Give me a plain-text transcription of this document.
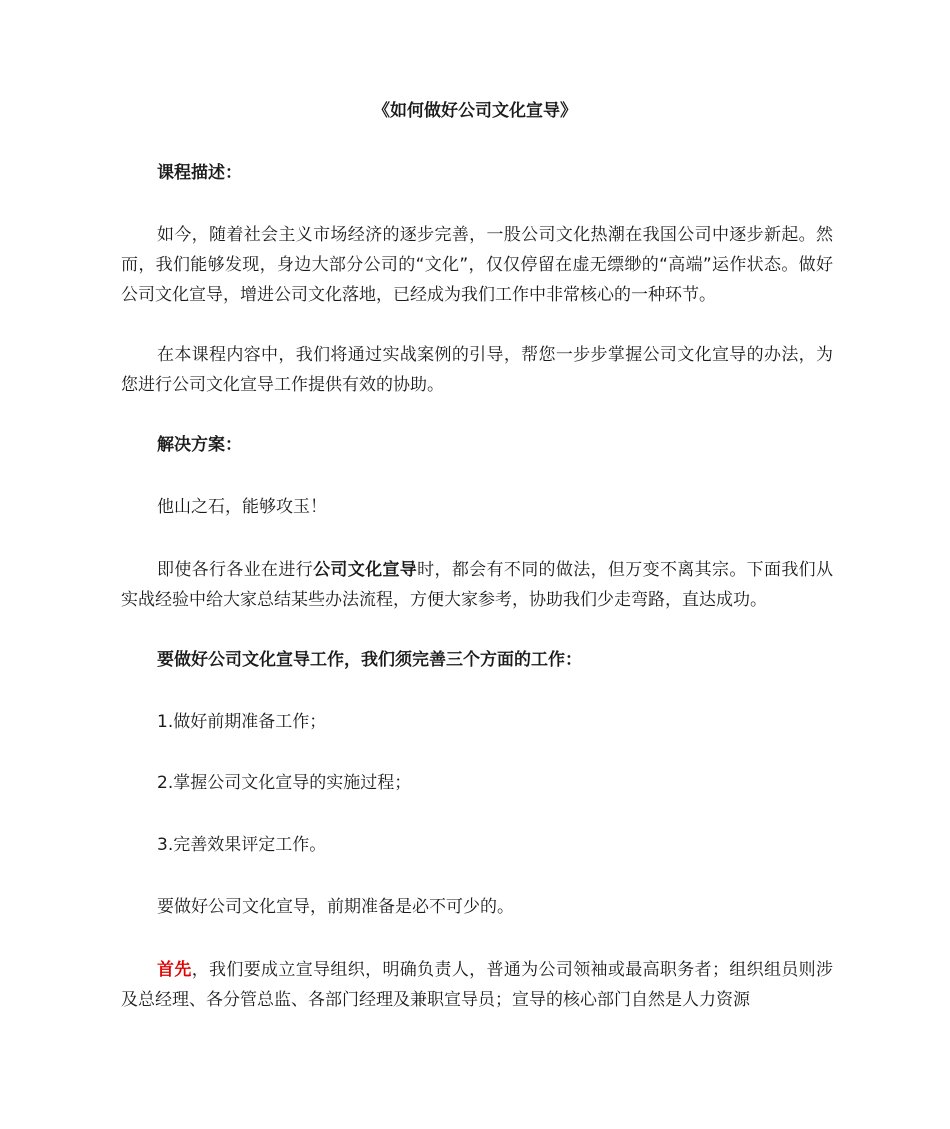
《如何做好公司文化宣导》
课程描述：
如今，随着社会主义市场经济的逐步完善，一股公司文化热潮在我国公司中逐步新起。然而，我们能够发现，身边大部分公司的“文化”，仅仅停留在虚无缥缈的“高端”运作状态。做好公司文化宣导，增进公司文化落地，已经成为我们工作中非常核心的一种环节。
在本课程内容中，我们将通过实战案例的引导，帮您一步步掌握公司文化宣导的办法，为您进行公司文化宣导工作提供有效的协助。
解决方案：
他山之石，能够攻玉！
即使各行各业在进行公司文化宣导时，都会有不同的做法，但万变不离其宗。下面我们从实战经验中给大家总结某些办法流程，方便大家参考，协助我们少走弯路，直达成功。
要做好公司文化宣导工作，我们须完善三个方面的工作：
1.做好前期准备工作；
2.掌握公司文化宣导的实施过程；
3.完善效果评定工作。
要做好公司文化宣导，前期准备是必不可少的。
首先，我们要成立宣导组织，明确负责人，普通为公司领袖或最高职务者；组织组员则涉及总经理、各分管总监、各部门经理及兼职宣导员；宣导的核心部门自然是人力资源
